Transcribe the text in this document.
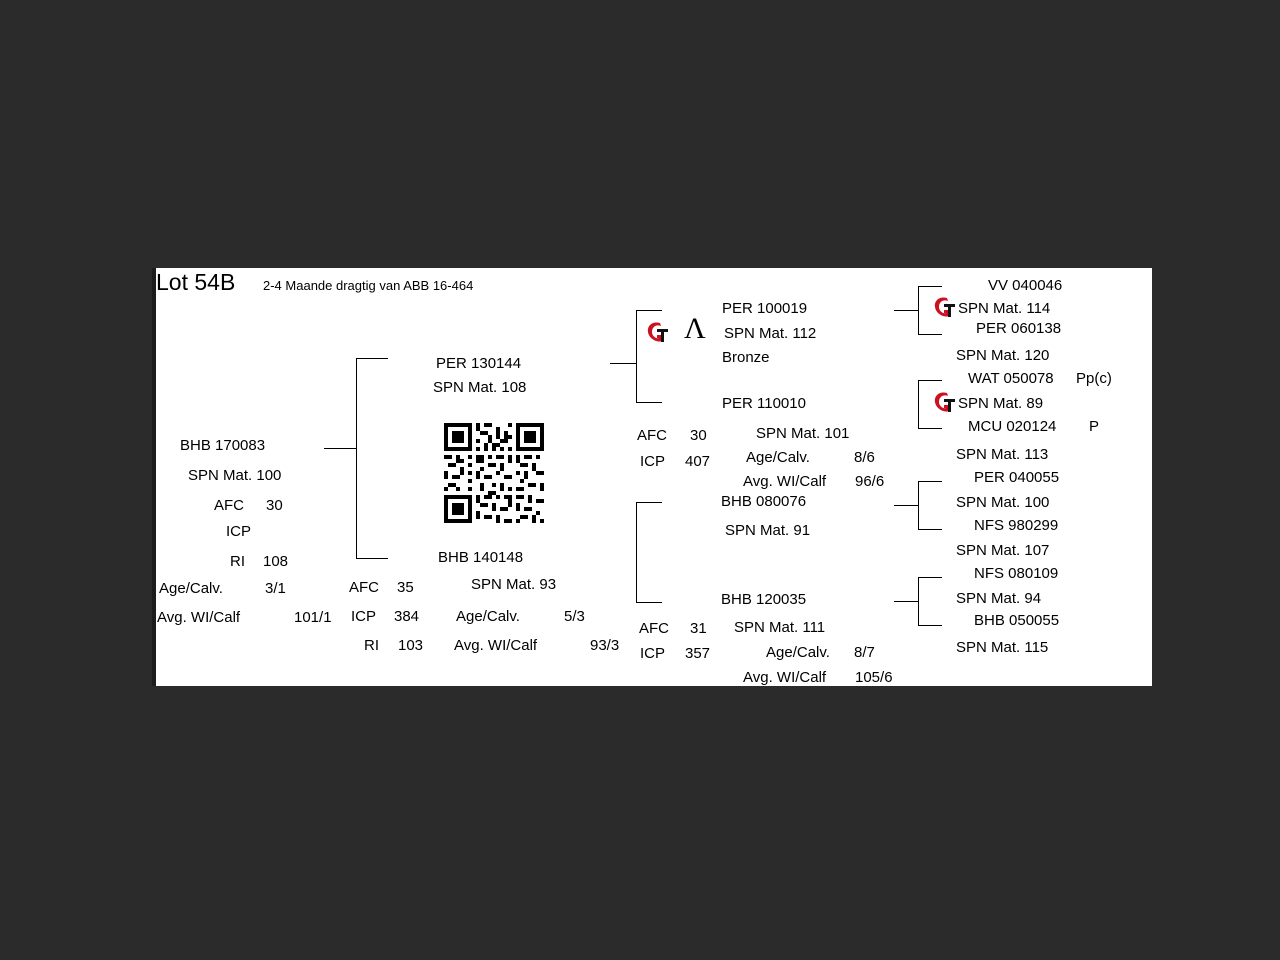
Lot 54B 2-4 Maande dragtig van ABB 16-464
Λ
BHB 170083
SPN Mat. 100
AFC 30
ICP
RI 108
Age/Calv.	3/1
Avg. WI/Calf	101/1
PER 130144
SPN Mat. 108
AFC 30
ICP 407
BHB 140148
SPN Mat. 93
AFC 35
ICP 384
RI 103
Age/Calv.	5/3
Avg. WI/Calf	93/3
PER 100019
SPN Mat. 112
Bronze
PER 110010
SPN Mat. 101
Age/Calv.	8/6
Avg. WI/Calf 96/6
BHB 080076
SPN Mat. 91
BHB 120035
SPN Mat. 111
AFC 31
ICP 357	Age/Calv. 8/7
Avg. WI/Calf 105/6
VV 040046
SPN Mat. 114
PER 060138
SPN Mat. 120
WAT 050078 Pp(c)
SPN Mat. 89
MCU 020124 P
SPN Mat. 113
PER 040055
SPN Mat. 100
NFS 980299
SPN Mat. 107
NFS 080109
SPN Mat. 94
BHB 050055
SPN Mat. 115
